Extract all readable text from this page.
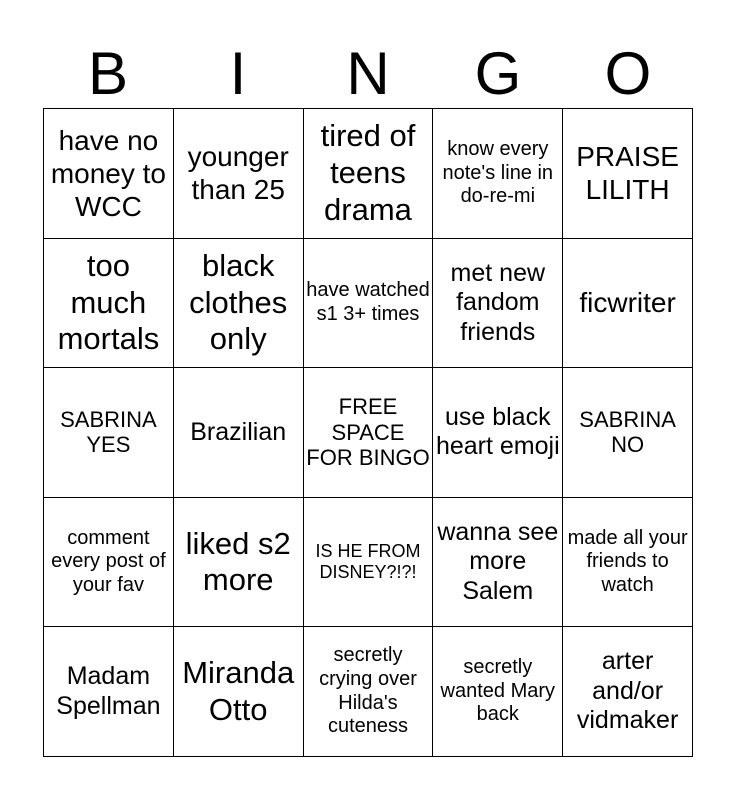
B	I	N	G	O
have no money to WCC	younger than 25	tired of teens drama	know every note's line in do-re-mi	PRAISE LILITH
too much mortals	black clothes only	have watched s1 3+ times	met new fandom friends	ficwriter
SABRINA YES	Brazilian	FREE SPACE FOR BINGO	use black heart emoji	SABRINA NO
comment every post of your fav	liked s2 more	IS HE FROM DISNEY?!?!	wanna see more Salem	made all your friends to watch
Madam Spellman	Miranda Otto	secretly crying over Hilda's cuteness	secretly wanted Mary back	arter and/or vidmaker
